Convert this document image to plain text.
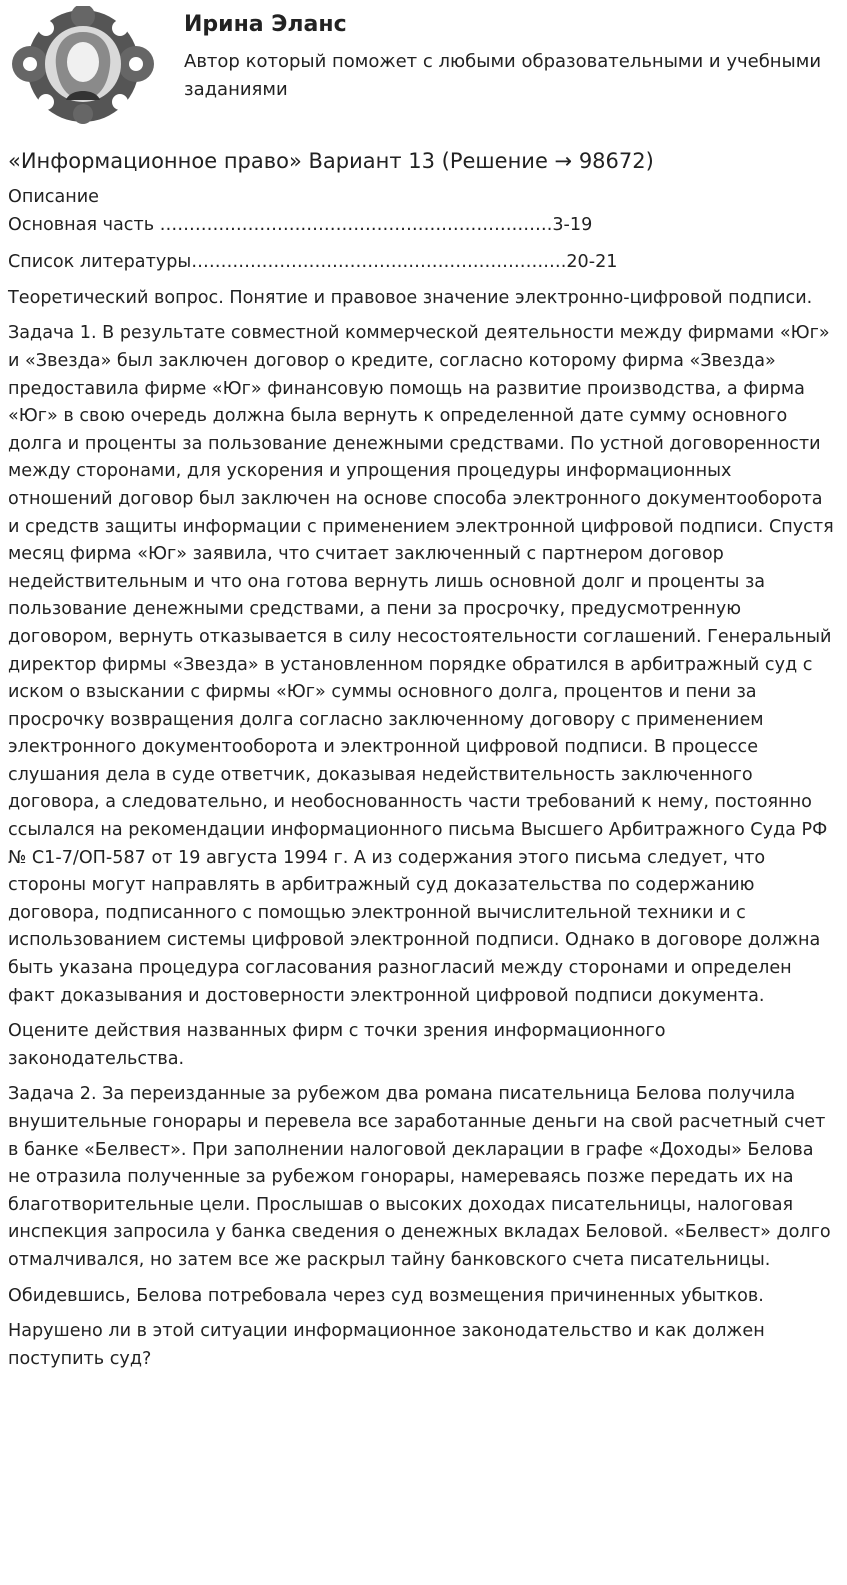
Ирина Эланс
Автор который поможет с любыми образовательными и учебными заданиями
«Информационное право» Вариант 13 (Решение → 98672)

Описание

Основная часть ………………………………………………………….3-19

Список литературы……………………………………………………….20-21

Теоретический вопрос. Понятие и правовое значение электронно-цифровой подписи.

Задача 1. В результате совместной коммерческой деятельности между фирмами «Юг» и «Звезда» был заключен договор о кредите, согласно которому фирма «Звезда» предоставила фирме «Юг» финансовую помощь на развитие производства, а фирма «Юг» в свою очередь должна была вернуть к определенной дате сумму основного долга и проценты за пользование денежными средствами. По устной договоренности между сторонами, для ускорения и упрощения процедуры информационных отношений договор был заключен на основе способа электронного документооборота и средств защиты информации с применением электронной цифровой подписи. Спустя месяц фирма «Юг» заявила, что считает заключенный с партнером договор недействительным и что она готова вернуть лишь основной долг и проценты за пользование денежными средствами, а пени за просрочку, предусмотренную договором, вернуть отказывается в силу несостоятельности соглашений. Генеральный директор фирмы «Звезда» в установленном порядке обратился в арбитражный суд с иском о взыскании с фирмы «Юг» суммы основного долга, процентов и пени за просрочку возвращения долга согласно заключенному договору с применением электронного документооборота и электронной цифровой подписи. В процессе слушания дела в суде ответчик, доказывая недействительность заключенного договора, а следовательно, и необоснованность части требований к нему, постоянно ссылался на рекомендации информационного письма Высшего Арбитражного Суда РФ № С1-7/ОП-587 от 19 августа 1994 г. А из содержания этого письма следует, что стороны могут направлять в арбитражный суд доказательства по содержанию договора, подписанного с помощью электронной вычислительной техники и с использованием системы цифровой электронной подписи. Однако в договоре должна быть указана процедура согласования разногласий между сторонами и определен факт доказывания и достоверности электронной цифровой подписи документа.

Оцените действия названных фирм с точки зрения информационного законодательства.

Задача 2. За переизданные за рубежом два романа писательница Белова получила внушительные гонорары и перевела все заработанные деньги на свой расчетный счет в банке «Белвест». При заполнении налоговой декларации в графе «Доходы» Белова не отразила полученные за рубежом гонорары, намереваясь позже передать их на благотворительные цели. Прослышав о высоких доходах писательницы, налоговая инспекция запросила у банка сведения о денежных вкладах Беловой. «Белвест» долго отмалчивался, но затем все же раскрыл тайну банковского счета писательницы.

Обидевшись, Белова потребовала через суд возмещения причиненных убытков.

Нарушено ли в этой ситуации информационное законодательство и как должен поступить суд?
